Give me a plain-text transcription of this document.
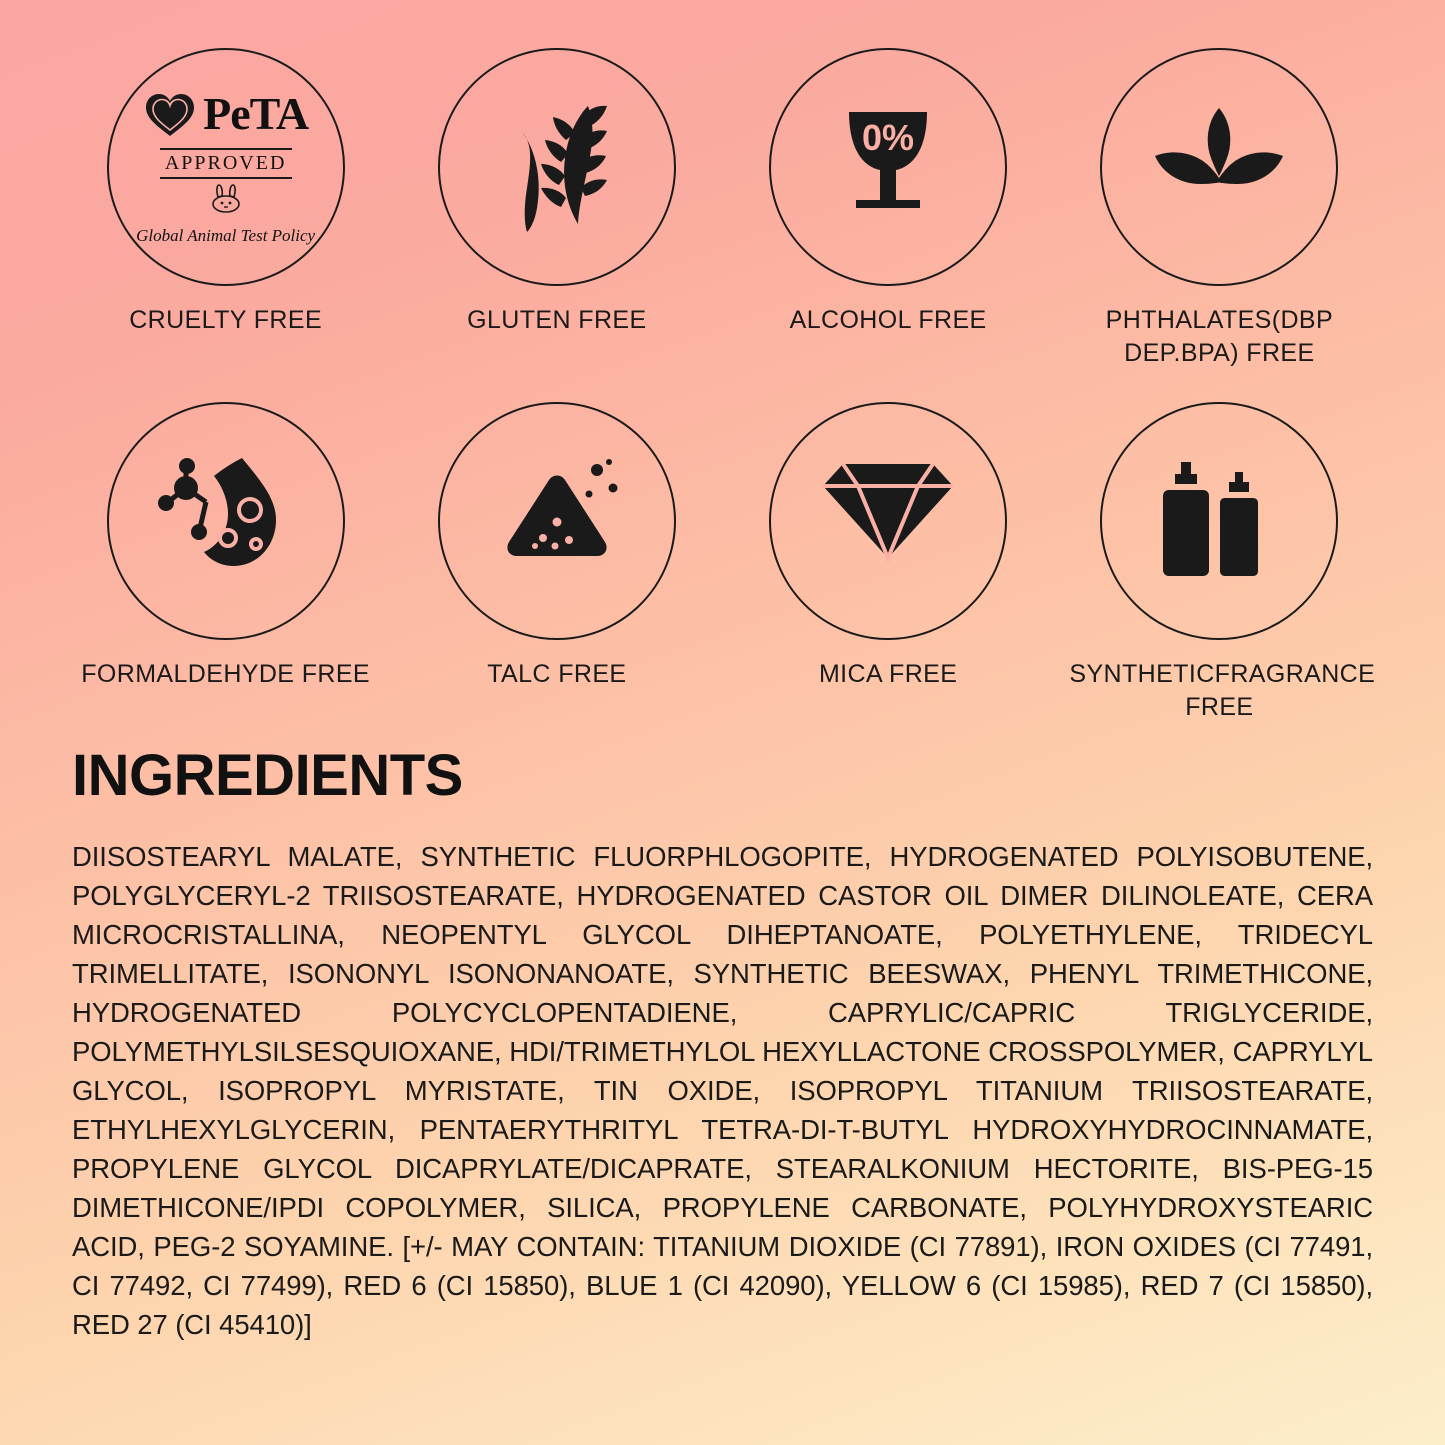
PeTA
APPROVED
Global Animal Test Policy
CRUELTY FREE	GLUTEN FREE
0%
ALCOHOL FREE	PHTHALATES(DBP DEP.BPA) FREE
FORMALDEHYDE FREE	TALC FREE	MICA FREE	SYNTHETICFRAGRANCE FREE
INGREDIENTS

DIISOSTEARYL MALATE, SYNTHETIC FLUORPHLOGOPITE, HYDROGENATED POLYISOBUTENE, POLYGLYCERYL-2 TRIISOSTEARATE, HYDROGENATED CASTOR OIL DIMER DILINOLEATE, CERA MICROCRISTALLINA, NEOPENTYL GLYCOL DIHEPTANOATE, POLYETHYLENE, TRIDECYL TRIMELLITATE, ISONONYL ISONONANOATE, SYNTHETIC BEESWAX, PHENYL TRIMETHICONE, HYDROGENATED POLYCYCLOPENTADIENE, CAPRYLIC/CAPRIC TRIGLYCERIDE, POLYMETHYLSILSESQUIOXANE, HDI/TRIMETHYLOL HEXYLLACTONE CROSSPOLYMER, CAPRYLYL GLYCOL, ISOPROPYL MYRISTATE, TIN OXIDE, ISOPROPYL TITANIUM TRIISOSTEARATE, ETHYLHEXYLGLYCERIN, PENTAERYTHRITYL TETRA-DI-T-BUTYL HYDROXYHYDROCINNAMATE, PROPYLENE GLYCOL DICAPRYLATE/DICAPRATE, STEARALKONIUM HECTORITE, BIS-PEG-15 DIMETHICONE/IPDI COPOLYMER, SILICA, PROPYLENE CARBONATE, POLYHYDROXYSTEARIC ACID, PEG-2 SOYAMINE. [+/- MAY CONTAIN: TITANIUM DIOXIDE (CI 77891), IRON OXIDES (CI 77491, CI 77492, CI 77499), RED 6 (CI 15850), BLUE 1 (CI 42090), YELLOW 6 (CI 15985), RED 7 (CI 15850), RED 27 (CI 45410)]
